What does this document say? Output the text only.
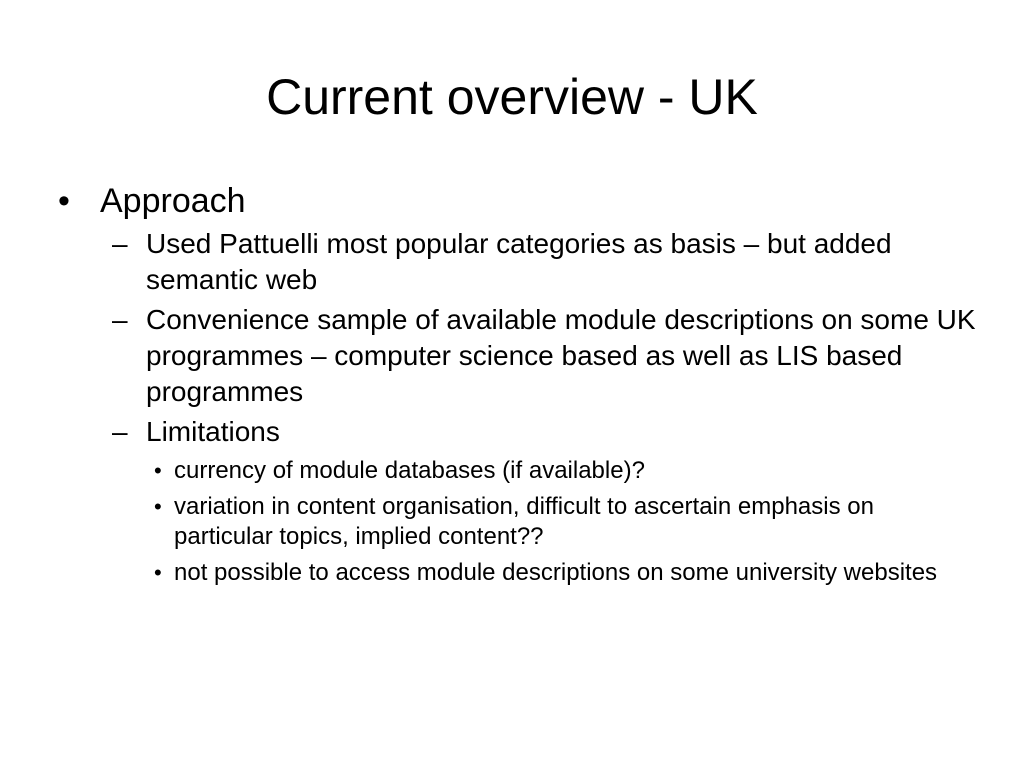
Current overview - UK
• Approach
– Used Pattuelli most popular categories as basis – but added semantic web
– Convenience sample of available module descriptions on some UK programmes – computer science based as well as LIS based programmes
– Limitations
• currency of module databases (if available)?
• variation in content organisation, difficult to ascertain emphasis on particular topics, implied content??
• not possible to access module descriptions on some university websites
